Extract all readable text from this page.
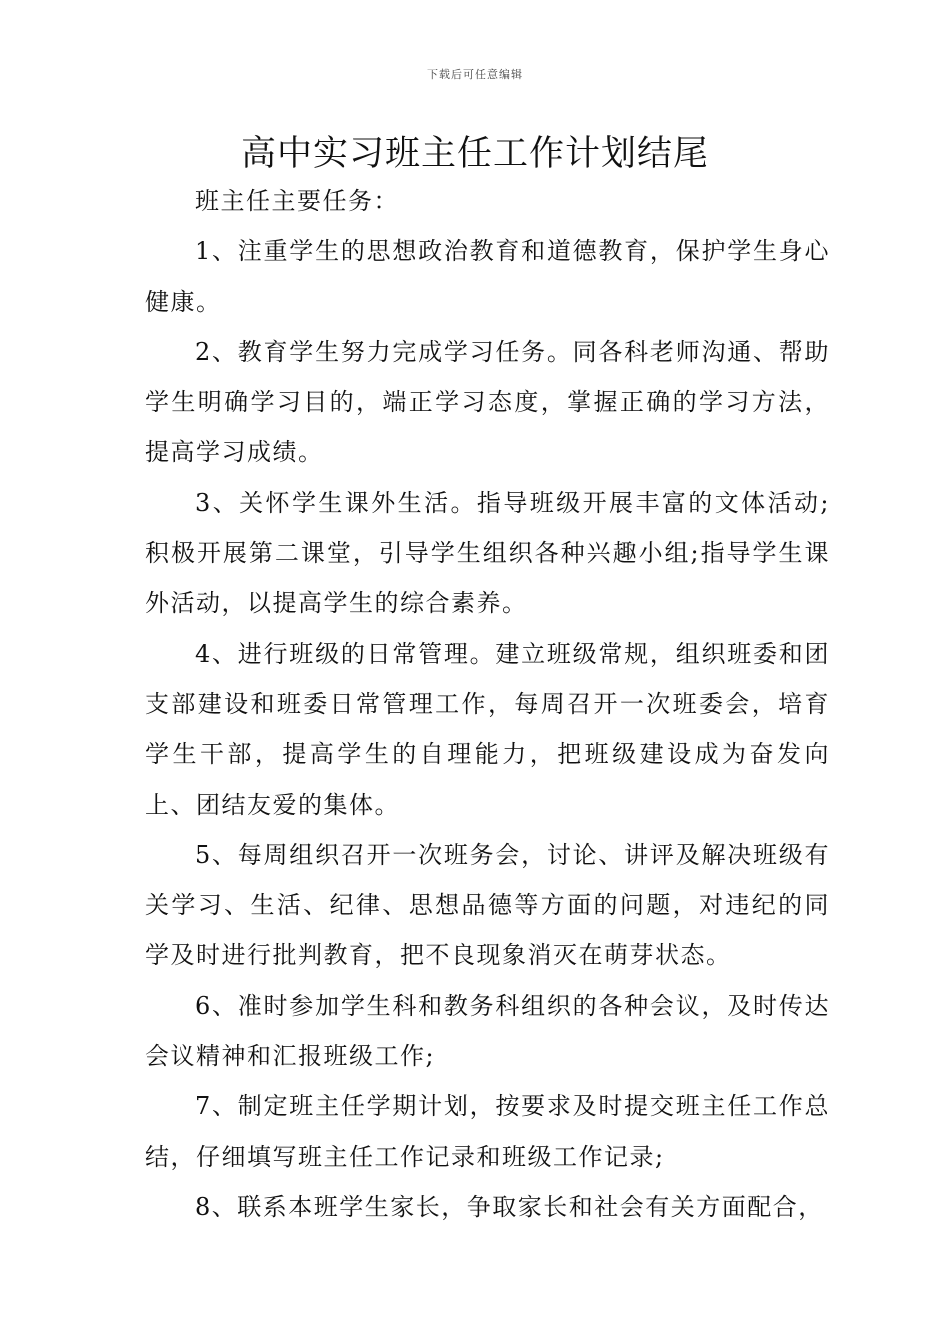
下载后可任意编辑
高中实习班主任工作计划结尾

班主任主要任务：

1、注重学生的思想政治教育和道德教育，保护学生身心健康。

2、教育学生努力完成学习任务。同各科老师沟通、帮助学生明确学习目的，端正学习态度，掌握正确的学习方法，提高学习成绩。

3、关怀学生课外生活。指导班级开展丰富的文体活动;积极开展第二课堂，引导学生组织各种兴趣小组;指导学生课外活动，以提高学生的综合素养。

4、进行班级的日常管理。建立班级常规，组织班委和团支部建设和班委日常管理工作，每周召开一次班委会，培育学生干部，提高学生的自理能力，把班级建设成为奋发向上、团结友爱的集体。

5、每周组织召开一次班务会，讨论、讲评及解决班级有关学习、生活、纪律、思想品德等方面的问题，对违纪的同学及时进行批判教育，把不良现象消灭在萌芽状态。

6、准时参加学生科和教务科组织的各种会议，及时传达会议精神和汇报班级工作;

7、制定班主任学期计划，按要求及时提交班主任工作总结，仔细填写班主任工作记录和班级工作记录;

8、联系本班学生家长，争取家长和社会有关方面配合，
